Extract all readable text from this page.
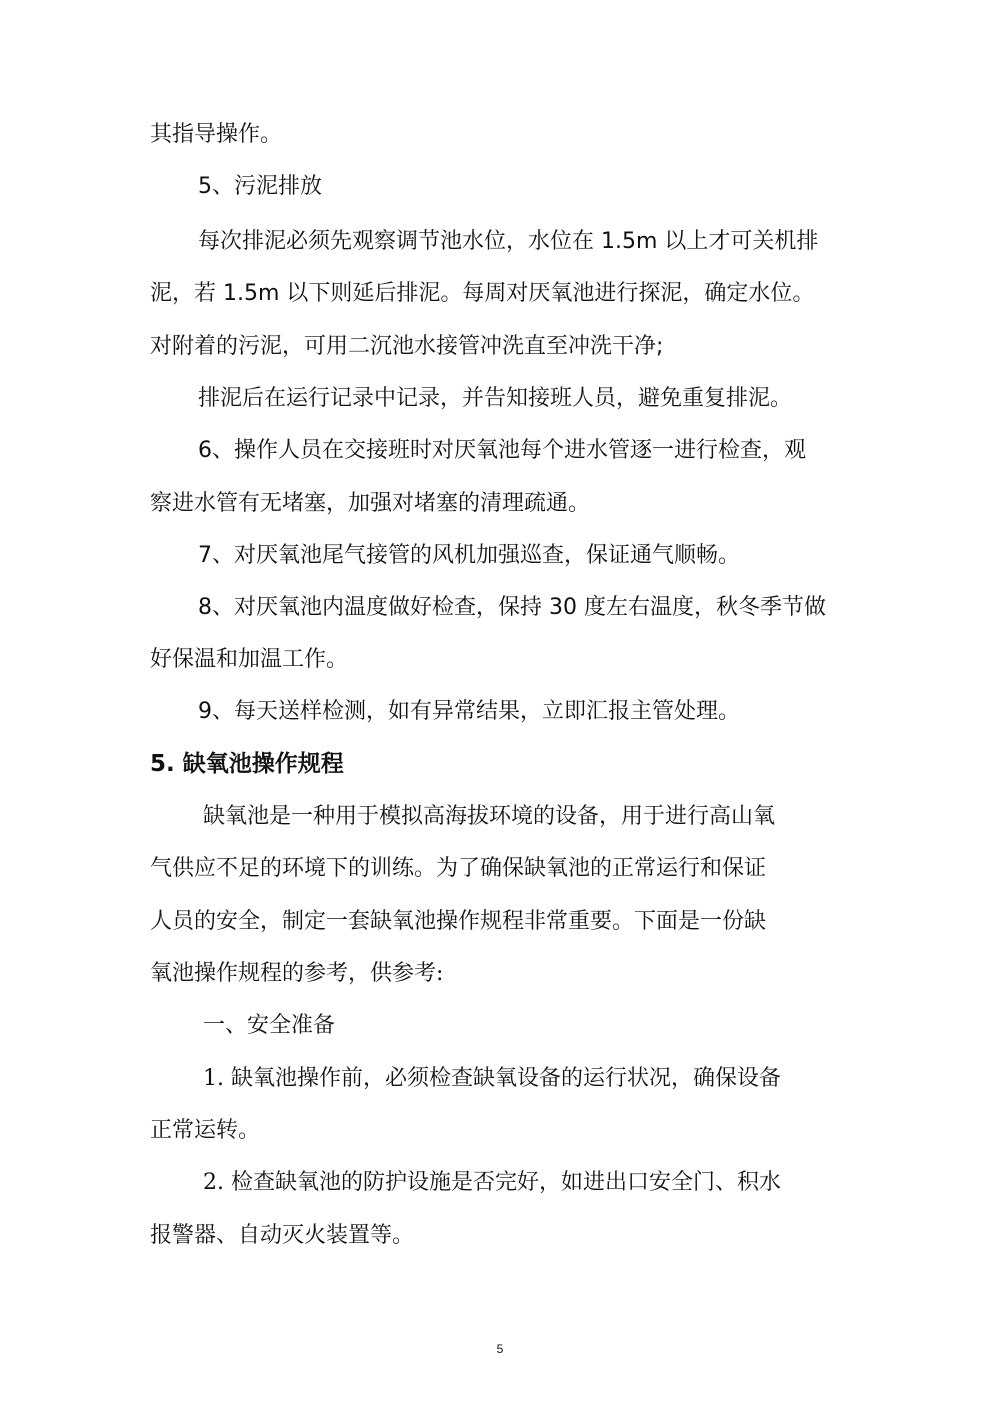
其指导操作。
5、污泥排放
每次排泥必须先观察调节池水位，水位在 1.5m 以上才可关机排
泥，若 1.5m 以下则延后排泥。每周对厌氧池进行探泥，确定水位。
对附着的污泥，可用二沉池水接管冲洗直至冲洗干净;
排泥后在运行记录中记录，并告知接班人员，避免重复排泥。
6、操作人员在交接班时对厌氧池每个进水管逐一进行检查，观
察进水管有无堵塞，加强对堵塞的清理疏通。
7、对厌氧池尾气接管的风机加强巡查，保证通气顺畅。
8、对厌氧池内温度做好检查，保持 30 度左右温度，秋冬季节做
好保温和加温工作。
9、每天送样检测，如有异常结果，立即汇报主管处理。
5. 缺氧池操作规程
缺氧池是一种用于模拟高海拔环境的设备，用于进行高山氧
气供应不足的环境下的训练。为了确保缺氧池的正常运行和保证
人员的安全，制定一套缺氧池操作规程非常重要。下面是一份缺
氧池操作规程的参考，供参考:
一、安全准备
1. 缺氧池操作前，必须检查缺氧设备的运行状况，确保设备
正常运转。
2. 检查缺氧池的防护设施是否完好，如进出口安全门、积水
报警器、自动灭火装置等。
5
